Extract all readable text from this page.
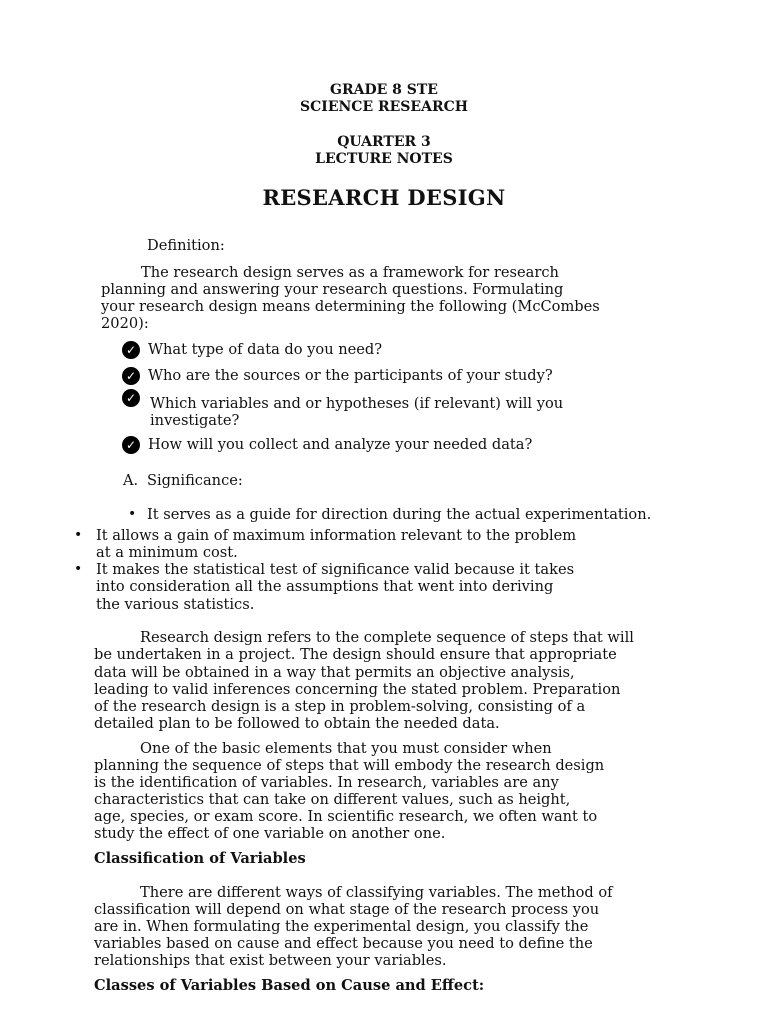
GRADE 8 STE
SCIENCE RESEARCH
QUARTER 3
LECTURE NOTES
RESEARCH DESIGN
Definition:
The research design serves as a framework for research
planning and answering your research questions. Formulating
your research design means determining the following (McCombes
2020):
✓ What type of data do you need?
✓ Who are the sources or the participants of your study?
✓ Which variables and or hypotheses (if relevant) will you
investigate?
✓ How will you collect and analyze your needed data?
A. Significance:
• It serves as a guide for direction during the actual experimentation.
• It allows a gain of maximum information relevant to the problem
at a minimum cost.
• It makes the statistical test of significance valid because it takes
into consideration all the assumptions that went into deriving
the various statistics.
Research design refers to the complete sequence of steps that will
be undertaken in a project. The design should ensure that appropriate
data will be obtained in a way that permits an objective analysis,
leading to valid inferences concerning the stated problem. Preparation
of the research design is a step in problem-solving, consisting of a
detailed plan to be followed to obtain the needed data.
One of the basic elements that you must consider when
planning the sequence of steps that will embody the research design
is the identification of variables. In research, variables are any
characteristics that can take on different values, such as height,
age, species, or exam score. In scientific research, we often want to
study the effect of one variable on another one.
Classification of Variables
There are different ways of classifying variables. The method of
classification will depend on what stage of the research process you
are in. When formulating the experimental design, you classify the
variables based on cause and effect because you need to define the
relationships that exist between your variables.
Classes of Variables Based on Cause and Effect:
